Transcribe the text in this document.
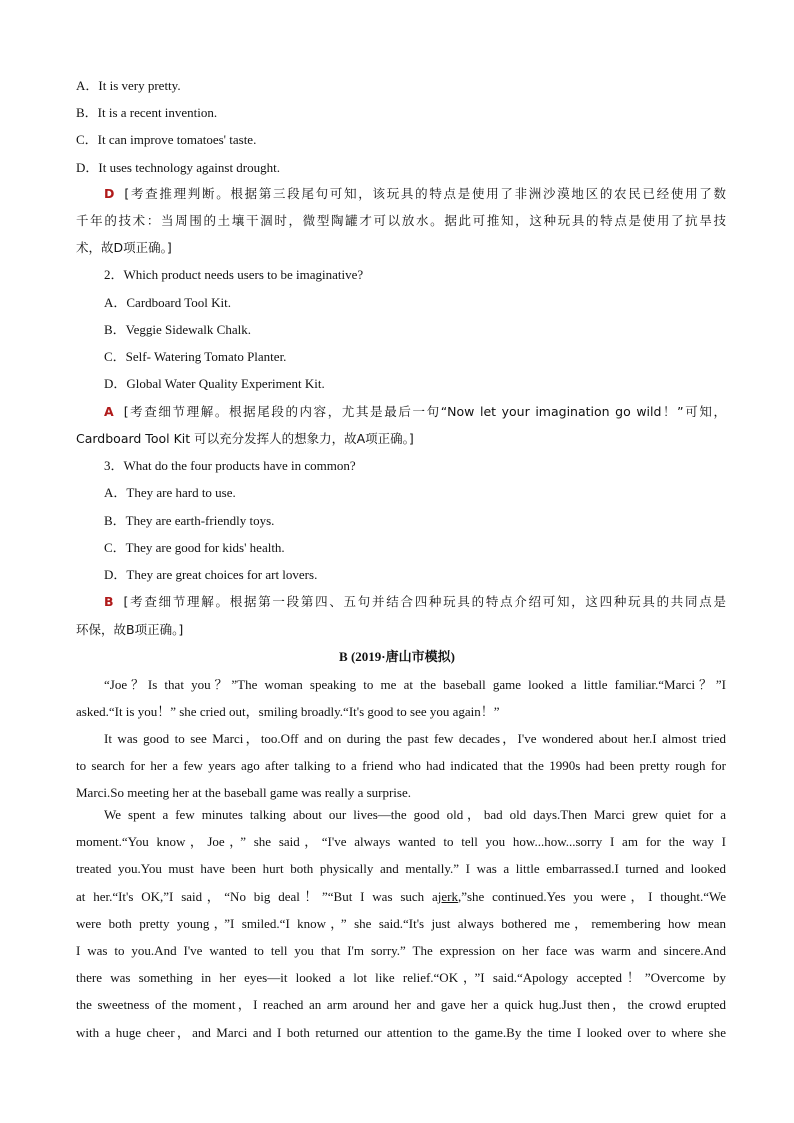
A．It is very pretty.
B．It is a recent invention.
C．It can improve tomatoes' taste.
D．It uses technology against drought.
D [考查推理判断。根据第三段尾句可知，该玩具的特点是使用了非洲沙漠地区的农民已经使用了数
千年的技术：当周围的土壤干涸时，微型陶罐才可以放水。据此可推知，这种玩具的特点是使用了抗旱技
术，故D项正确。]
2．Which product needs users to be imaginative?
A．Cardboard Tool Kit.
B．Veggie Sidewalk Chalk.
C．Self- Watering Tomato Planter.
D．Global Water Quality Experiment Kit.
A [考查细节理解。根据尾段的内容，尤其是最后一句“Now let your imagination go wild！”可知，
Cardboard Tool Kit 可以充分发挥人的想象力，故A项正确。]
3．What do the four products have in common?
A．They are hard to use.
B．They are earth-friendly toys.
C．They are good for kids' health.
D．They are great choices for art lovers.
B [考查细节理解。根据第一段第四、五句并结合四种玩具的特点介绍可知，这四种玩具的共同点是
环保，故B项正确。]
B (2019·唐山市模拟)
“Joe？Is that you？”The woman speaking to me at the baseball game looked a little familiar.“Marci？”I
asked.“It is you！” she cried out，smiling broadly.“It's good to see you again！”
It was good to see Marci，too.Off and on during the past few decades，I've wondered about her.I almost tried
to search for her a few years ago after talking to a friend who had indicated that the 1990s had been pretty rough for
Marci.So meeting her at the baseball game was really a surprise.
We spent a few minutes talking about our lives—the good old，bad old days.Then Marci grew quiet for a
moment.“You know，Joe，” she said，“I've always wanted to tell you how...how...sorry I am for the way I
treated you.You must have been hurt both physically and mentally.” I was a little embarrassed.I turned and looked
at her.“It's OK,”I said，“No big deal！”“But I was such ajerk,”she continued.Yes you were，I thought.“We
were both pretty young，”I smiled.“I know，” she said.“It's just always bothered me，remembering how mean
I was to you.And I've wanted to tell you that I'm sorry.” The expression on her face was warm and sincere.And
there was something in her eyes—it looked a lot like relief.“OK，”I said.“Apology accepted！”Overcome by
the sweetness of the moment，I reached an arm around her and gave her a quick hug.Just then，the crowd erupted
with a huge cheer，and Marci and I both returned our attention to the game.By the time I looked over to where she
